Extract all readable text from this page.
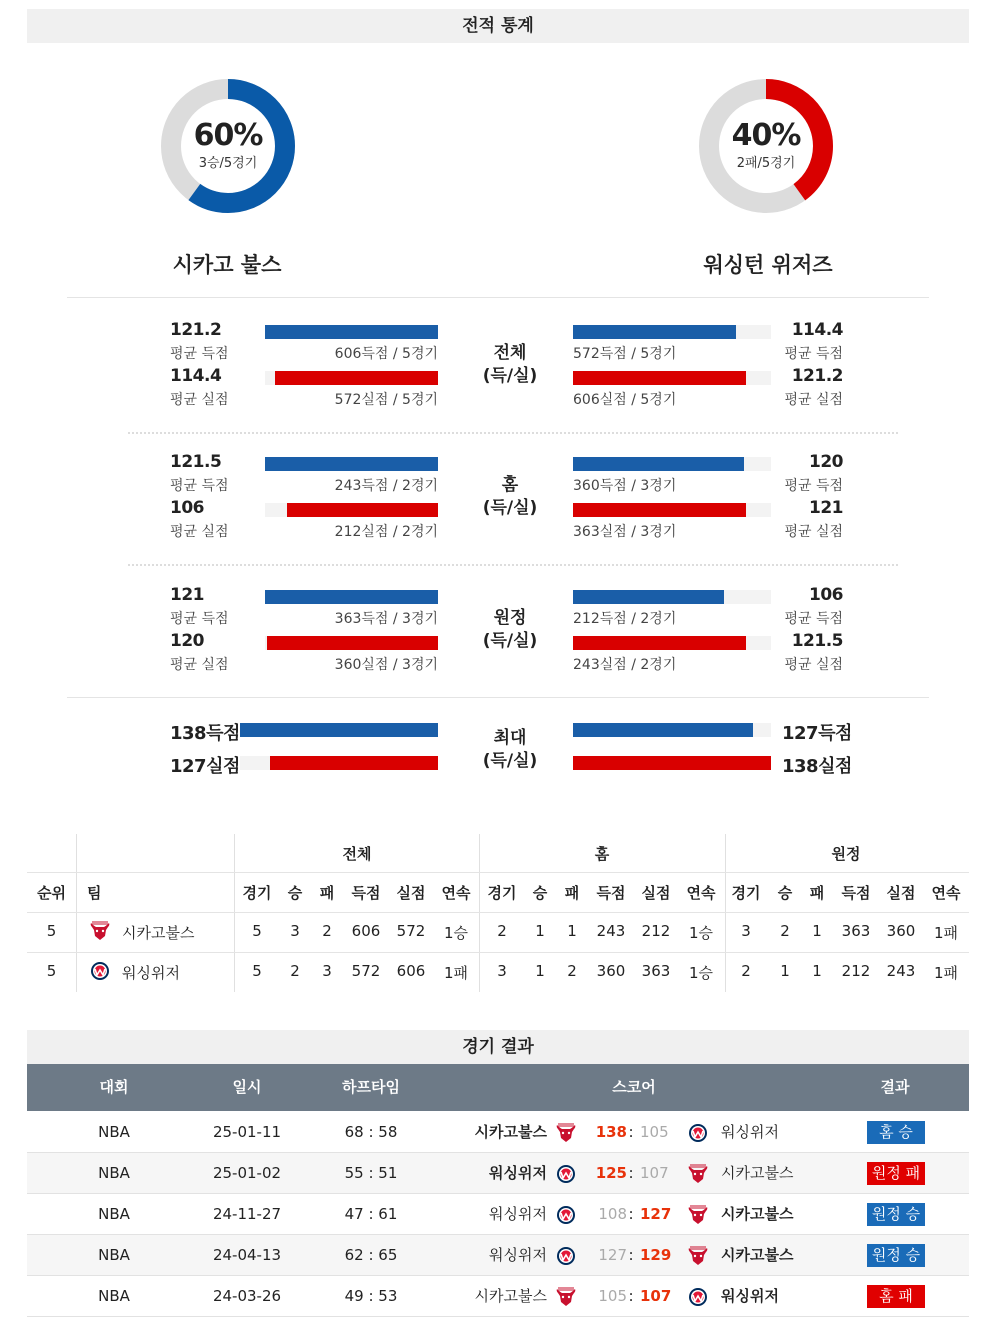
전적 통계
60%
3승/5경기
시카고 불스
40%
2패/5경기
워싱턴 위저즈
121.2
평균 득점	606득점 / 5경기
114.4
평균 실점	572실점 / 5경기
전체
(득/실)
572득점 / 5경기
114.4
평균 득점
606실점 / 5경기
121.2
평균 실점
121.5
평균 득점	243득점 / 2경기
106
평균 실점	212실점 / 2경기
홈
(득/실)
360득점 / 3경기
120
평균 득점
363실점 / 3경기
121
평균 실점
121
평균 득점	363득점 / 3경기
120
평균 실점	360실점 / 3경기
원정
(득/실)
212득점 / 2경기
106
평균 득점
243실점 / 2경기
121.5
평균 실점
138득점
127실점
최대
(득/실)
127득점
138실점
전체	홈	원정
순위	팀	경기	승	패	득점	실점	연속	경기	승	패	득점	실점	연속	경기	승	패	득점	실점	연속
5	시카고불스	5	3	2	606	572	1승	2	1	1	243	212	1승	3	2	1	363	360	1패
5	워싱위저	5	2	3	572	606	1패	3	1	2	360	363	1승	2	1	1	212	243	1패
경기 결과
대회	일시	하프타임	스코어	결과
NBA	25-01-11	68 : 58	시카고불스	138 : 105	워싱위저	홈 승
NBA	25-01-02	55 : 51	워싱위저	125 : 107	시카고불스	원정 패
NBA	24-11-27	47 : 61	워싱위저	108 : 127	시카고불스	원정 승
NBA	24-04-13	62 : 65	워싱위저	127 : 129	시카고불스	원정 승
NBA	24-03-26	49 : 53	시카고불스	105 : 107	워싱위저	홈 패
